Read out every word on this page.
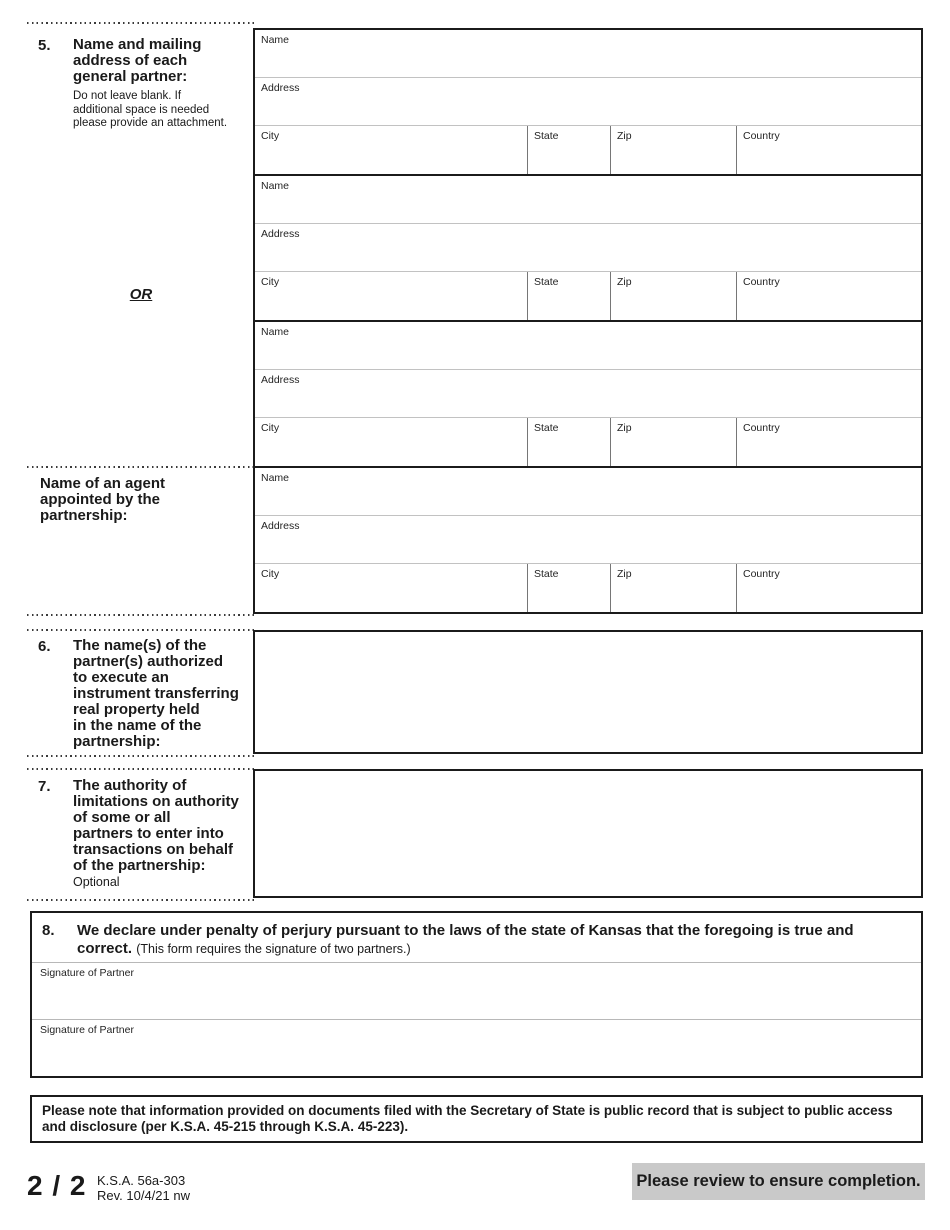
5. Name and mailing
address of each
general partner:
Do not leave blank. If
additional space is needed
please provide an attachment.
OR
Name of an agent
appointed by the
partnership:
Name
Address
City	State	Zip	Country
Name
Address
City	State	Zip	Country
Name
Address
City	State	Zip	Country
Name
Address
City	State	Zip	Country
6. The name(s) of the
partner(s) authorized
to execute an
instrument transferring
real property held
in the name of the
partnership:
7. The authority of
limitations on authority
of some or all
partners to enter into
transactions on behalf
of the partnership:
Optional
8. We declare under penalty of perjury pursuant to the laws of the state of Kansas that the foregoing is true and correct. (This form requires the signature of two partners.)
Signature of Partner
Signature of Partner
Please note that information provided on documents filed with the Secretary of State is public record that is subject to public access and disclosure (per K.S.A. 45-215 through K.S.A. 45-223).
2 / 2 K.S.A. 56a-303
Rev. 10/4/21 nw
Please review to ensure completion.
